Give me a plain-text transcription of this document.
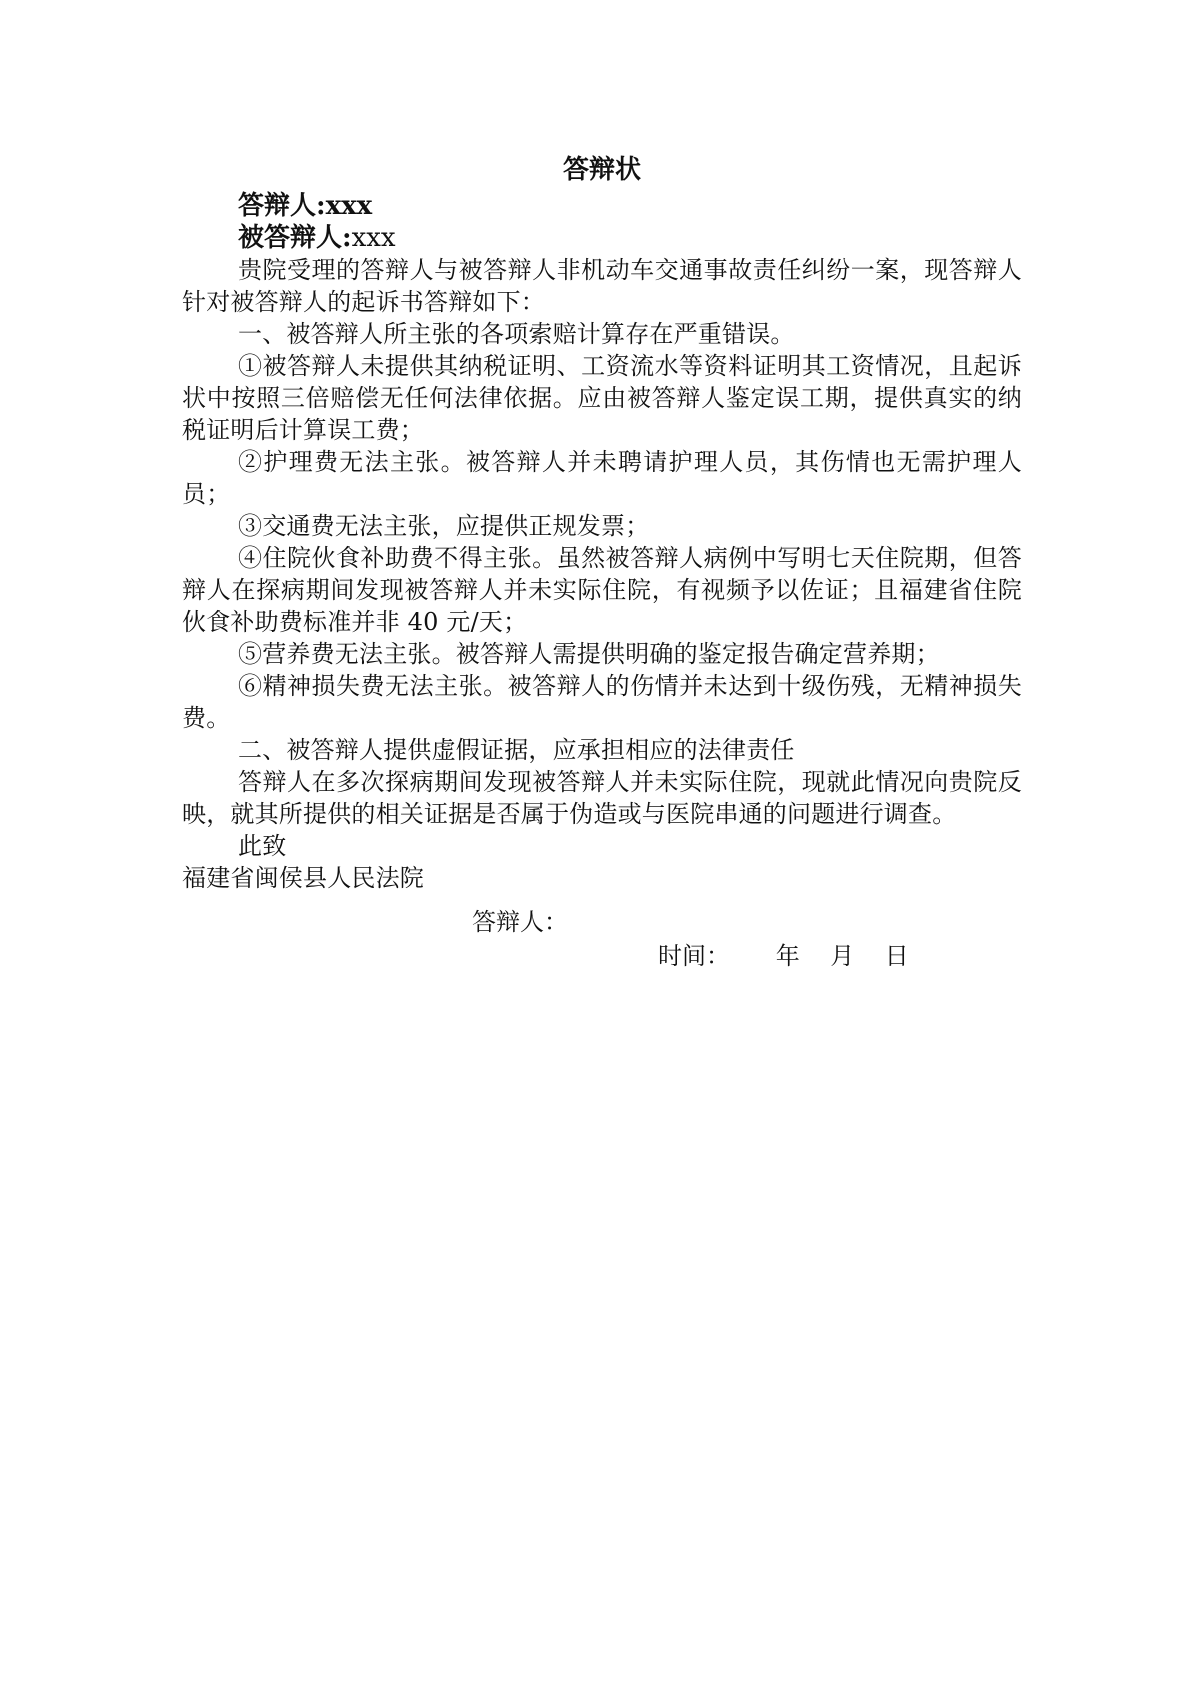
答辩状

答辩人:xxx

被答辩人:xxx

贵院受理的答辩人与被答辩人非机动车交通事故责任纠纷一案，现答辩人针对被答辩人的起诉书答辩如下：

一、被答辩人所主张的各项索赔计算存在严重错误。

①被答辩人未提供其纳税证明、工资流水等资料证明其工资情况，且起诉状中按照三倍赔偿无任何法律依据。应由被答辩人鉴定误工期，提供真实的纳税证明后计算误工费；

②护理费无法主张。被答辩人并未聘请护理人员，其伤情也无需护理人员；

③交通费无法主张，应提供正规发票；

④住院伙食补助费不得主张。虽然被答辩人病例中写明七天住院期，但答辩人在探病期间发现被答辩人并未实际住院，有视频予以佐证；且福建省住院伙食补助费标准并非 40 元/天；

⑤营养费无法主张。被答辩人需提供明确的鉴定报告确定营养期；

⑥精神损失费无法主张。被答辩人的伤情并未达到十级伤残，无精神损失费。

二、被答辩人提供虚假证据，应承担相应的法律责任

答辩人在多次探病期间发现被答辩人并未实际住院，现就此情况向贵院反映，就其所提供的相关证据是否属于伪造或与医院串通的问题进行调查。

此致

福建省闽侯县人民法院

答辩人：
时间：      年    月    日
